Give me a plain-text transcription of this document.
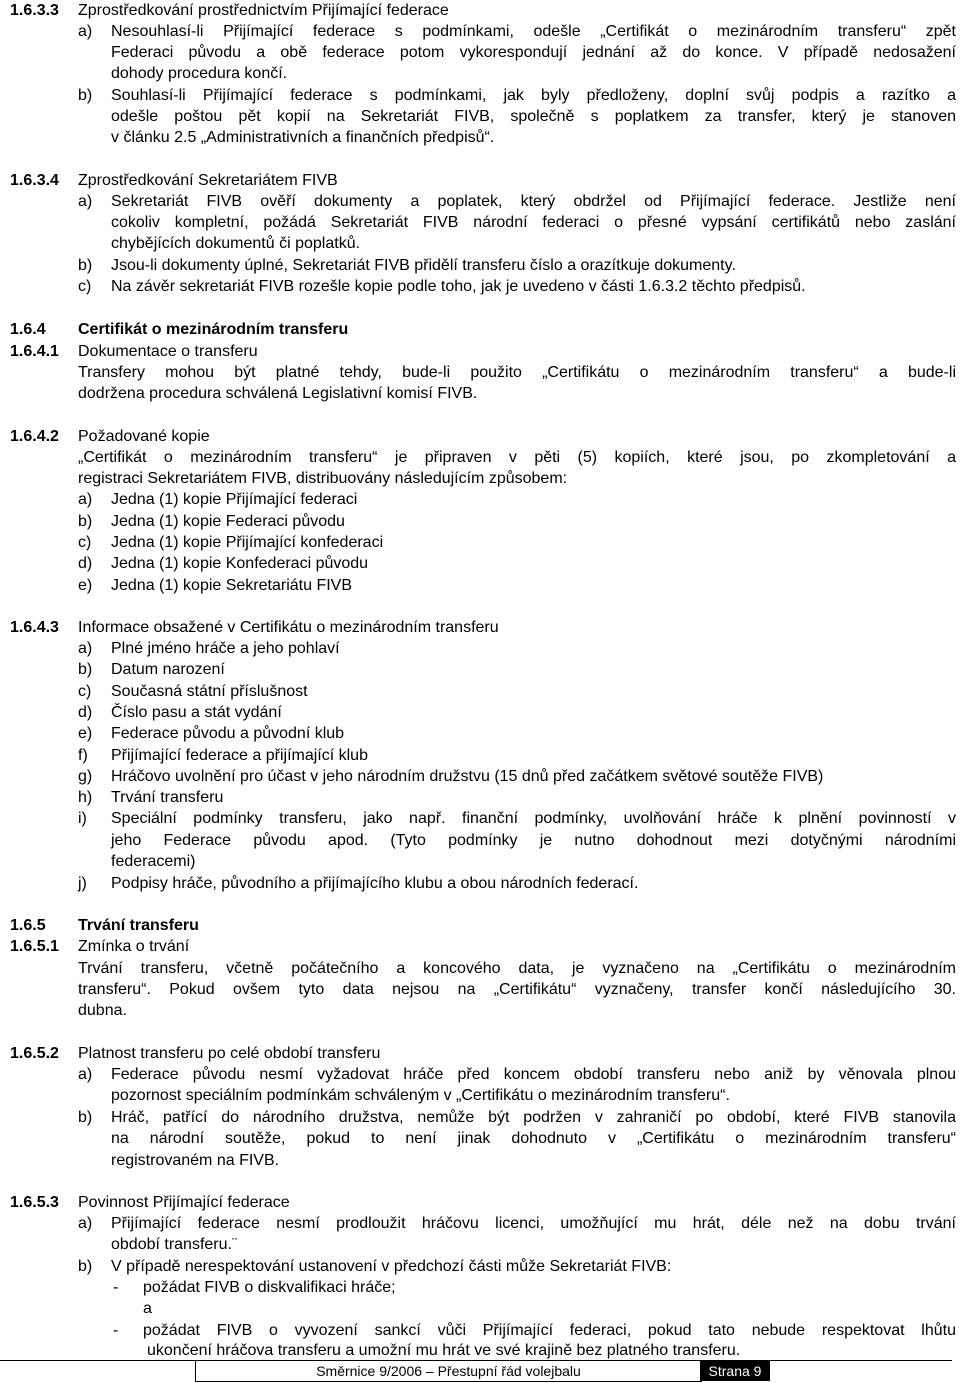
1.6.3.3 Zprostředkování prostřednictvím Přijímající federace
a) Nesouhlasí-li Přijímající federace s podmínkami, odešle „Certifikát o mezinárodním transferu“ zpět
Federaci původu a obě federace potom vykorespondují jednání až do konce. V případě nedosažení
dohody procedura končí.
b) Souhlasí-li Přijímající federace s podmínkami, jak byly předloženy, doplní svůj podpis a razítko a
odešle poštou pět kopií na Sekretariát FIVB, společně s poplatkem za transfer, který je stanoven
v článku 2.5 „Administrativních a finančních předpisů“.
1.6.3.4 Zprostředkování Sekretariátem FIVB
a) Sekretariát FIVB ověří dokumenty a poplatek, který obdržel od Přijímající federace. Jestliže není
cokoliv kompletní, požádá Sekretariát FIVB národní federaci o přesné vypsání certifikátů nebo zaslání
chybějících dokumentů či poplatků.
b) Jsou-li dokumenty úplné, Sekretariát FIVB přidělí transferu číslo a orazítkuje dokumenty.
c) Na závěr sekretariát FIVB rozešle kopie podle toho, jak je uvedeno v části 1.6.3.2 těchto předpisů.
1.6.4 Certifikát o mezinárodním transferu
1.6.4.1 Dokumentace o transferu
Transfery mohou být platné tehdy, bude-li použito „Certifikátu o mezinárodním transferu“ a bude-li
dodržena procedura schválená Legislativní komisí FIVB.
1.6.4.2 Požadované kopie
„Certifikát o mezinárodním transferu“ je připraven v pěti (5) kopiích, které jsou, po zkompletování a
registraci Sekretariátem FIVB, distribuovány následujícím způsobem:
a) Jedna (1) kopie Přijímající federaci
b) Jedna (1) kopie Federaci původu
c) Jedna (1) kopie Přijímající konfederaci
d) Jedna (1) kopie Konfederaci původu
e) Jedna (1) kopie Sekretariátu FIVB
1.6.4.3 Informace obsažené v Certifikátu o mezinárodním transferu
a) Plné jméno hráče a jeho pohlaví
b) Datum narození
c) Současná státní příslušnost
d) Číslo pasu a stát vydání
e) Federace původu a původní klub
f) Přijímající federace a přijímající klub
g) Hráčovo uvolnění pro účast v jeho národním družstvu (15 dnů před začátkem světové soutěže FIVB)
h) Trvání transferu
i) Speciální podmínky transferu, jako např. finanční podmínky, uvolňování hráče k plnění povinností v
jeho Federace původu apod. (Tyto podmínky je nutno dohodnout mezi dotyčnými národními
federacemi)
j) Podpisy hráče, původního a přijímajícího klubu a obou národních federací.
1.6.5 Trvání transferu
1.6.5.1 Zmínka o trvání
Trvání transferu, včetně počátečního a koncového data, je vyznačeno na „Certifikátu o mezinárodním
transferu“. Pokud ovšem tyto data nejsou na „Certifikátu“ vyznačeny, transfer končí následujícího 30.
dubna.
1.6.5.2 Platnost transferu po celé období transferu
a) Federace původu nesmí vyžadovat hráče před koncem období transferu nebo aniž by věnovala plnou
pozornost speciálním podmínkám schváleným v „Certifikátu o mezinárodním transferu“.
b) Hráč, patřící do národního družstva, nemůže být podržen v zahraničí po období, které FIVB stanovila
na národní soutěže, pokud to není jinak dohodnuto v „Certifikátu o mezinárodním transferu“
registrovaném na FIVB.
1.6.5.3 Povinnost Přijímající federace
a) Přijímající federace nesmí prodloužit hráčovu licenci, umožňující mu hrát, déle než na dobu trvání
období transferu.¨
b) V případě nerespektování ustanovení v předchozí části může Sekretariát FIVB:
- požádat FIVB o diskvalifikaci hráče;
a
- požádat FIVB o vyvození sankcí vůči Přijímající federaci, pokud tato nebude respektovat lhůtu
ukončení hráčova transferu a umožní mu hrát ve své krajině bez platného transferu.
Směrnice 9/2006 – Přestupní řád volejbalu	Strana 9
